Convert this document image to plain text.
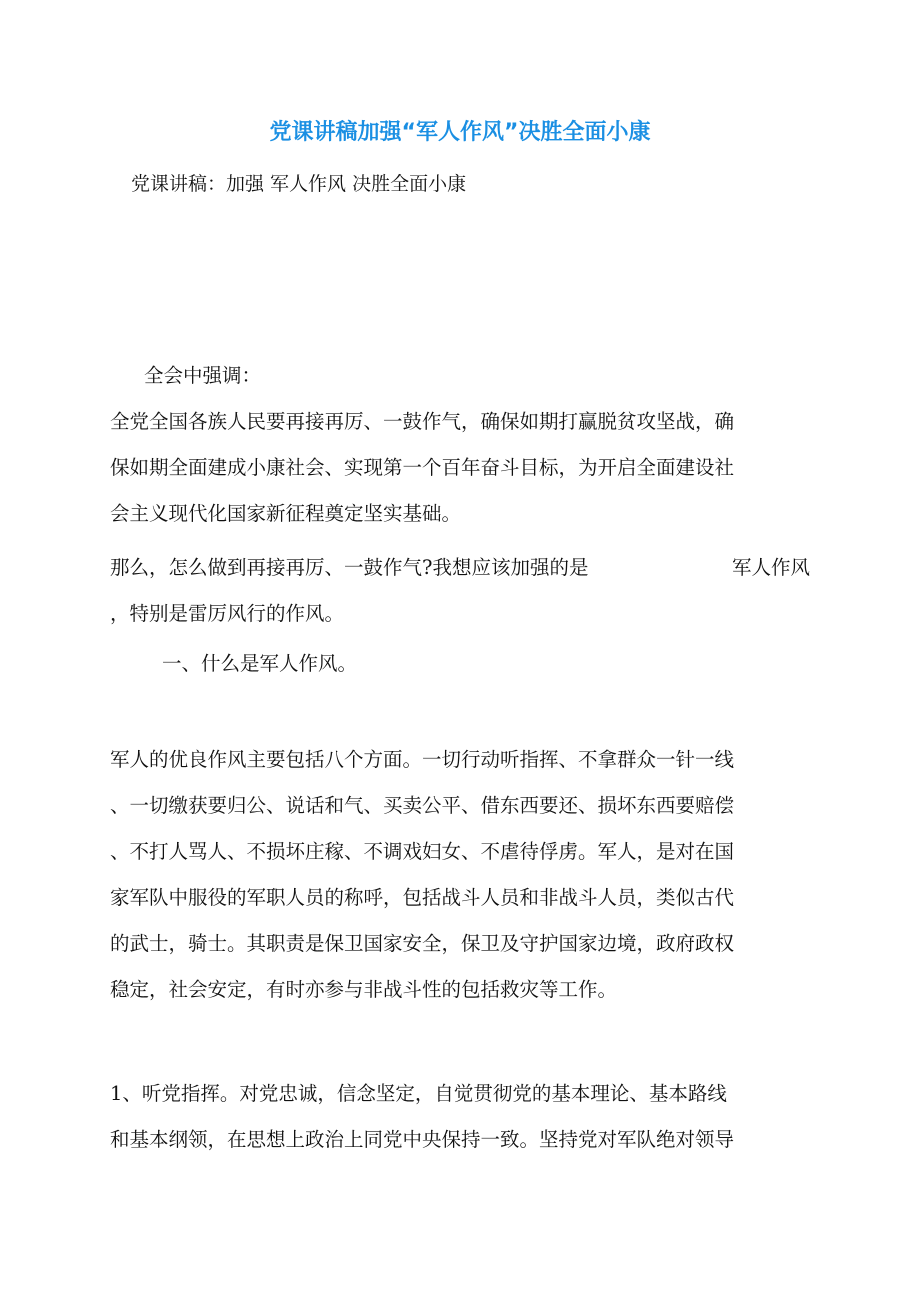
党课讲稿加强“军人作风”决胜全面小康
党课讲稿：加强 军人作风 决胜全面小康
全会中强调：
全党全国各族人民要再接再厉、一鼓作气，确保如期打赢脱贫攻坚战，确
保如期全面建成小康社会、实现第一个百年奋斗目标，为开启全面建设社
会主义现代化国家新征程奠定坚实基础。
那么，怎么做到再接再厉、一鼓作气?我想应该加强的是	军人作风
，特别是雷厉风行的作风。
一、什么是军人作风。
军人的优良作风主要包括八个方面。一切行动听指挥、不拿群众一针一线
、一切缴获要归公、说话和气、买卖公平、借东西要还、损坏东西要赔偿
、不打人骂人、不损坏庄稼、不调戏妇女、不虐待俘虏。军人，是对在国
家军队中服役的军职人员的称呼，包括战斗人员和非战斗人员，类似古代
的武士，骑士。其职责是保卫国家安全，保卫及守护国家边境，政府政权
稳定，社会安定，有时亦参与非战斗性的包括救灾等工作。
1、听党指挥。对党忠诚，信念坚定，自觉贯彻党的基本理论、基本路线
和基本纲领，在思想上政治上同党中央保持一致。坚持党对军队绝对领导
